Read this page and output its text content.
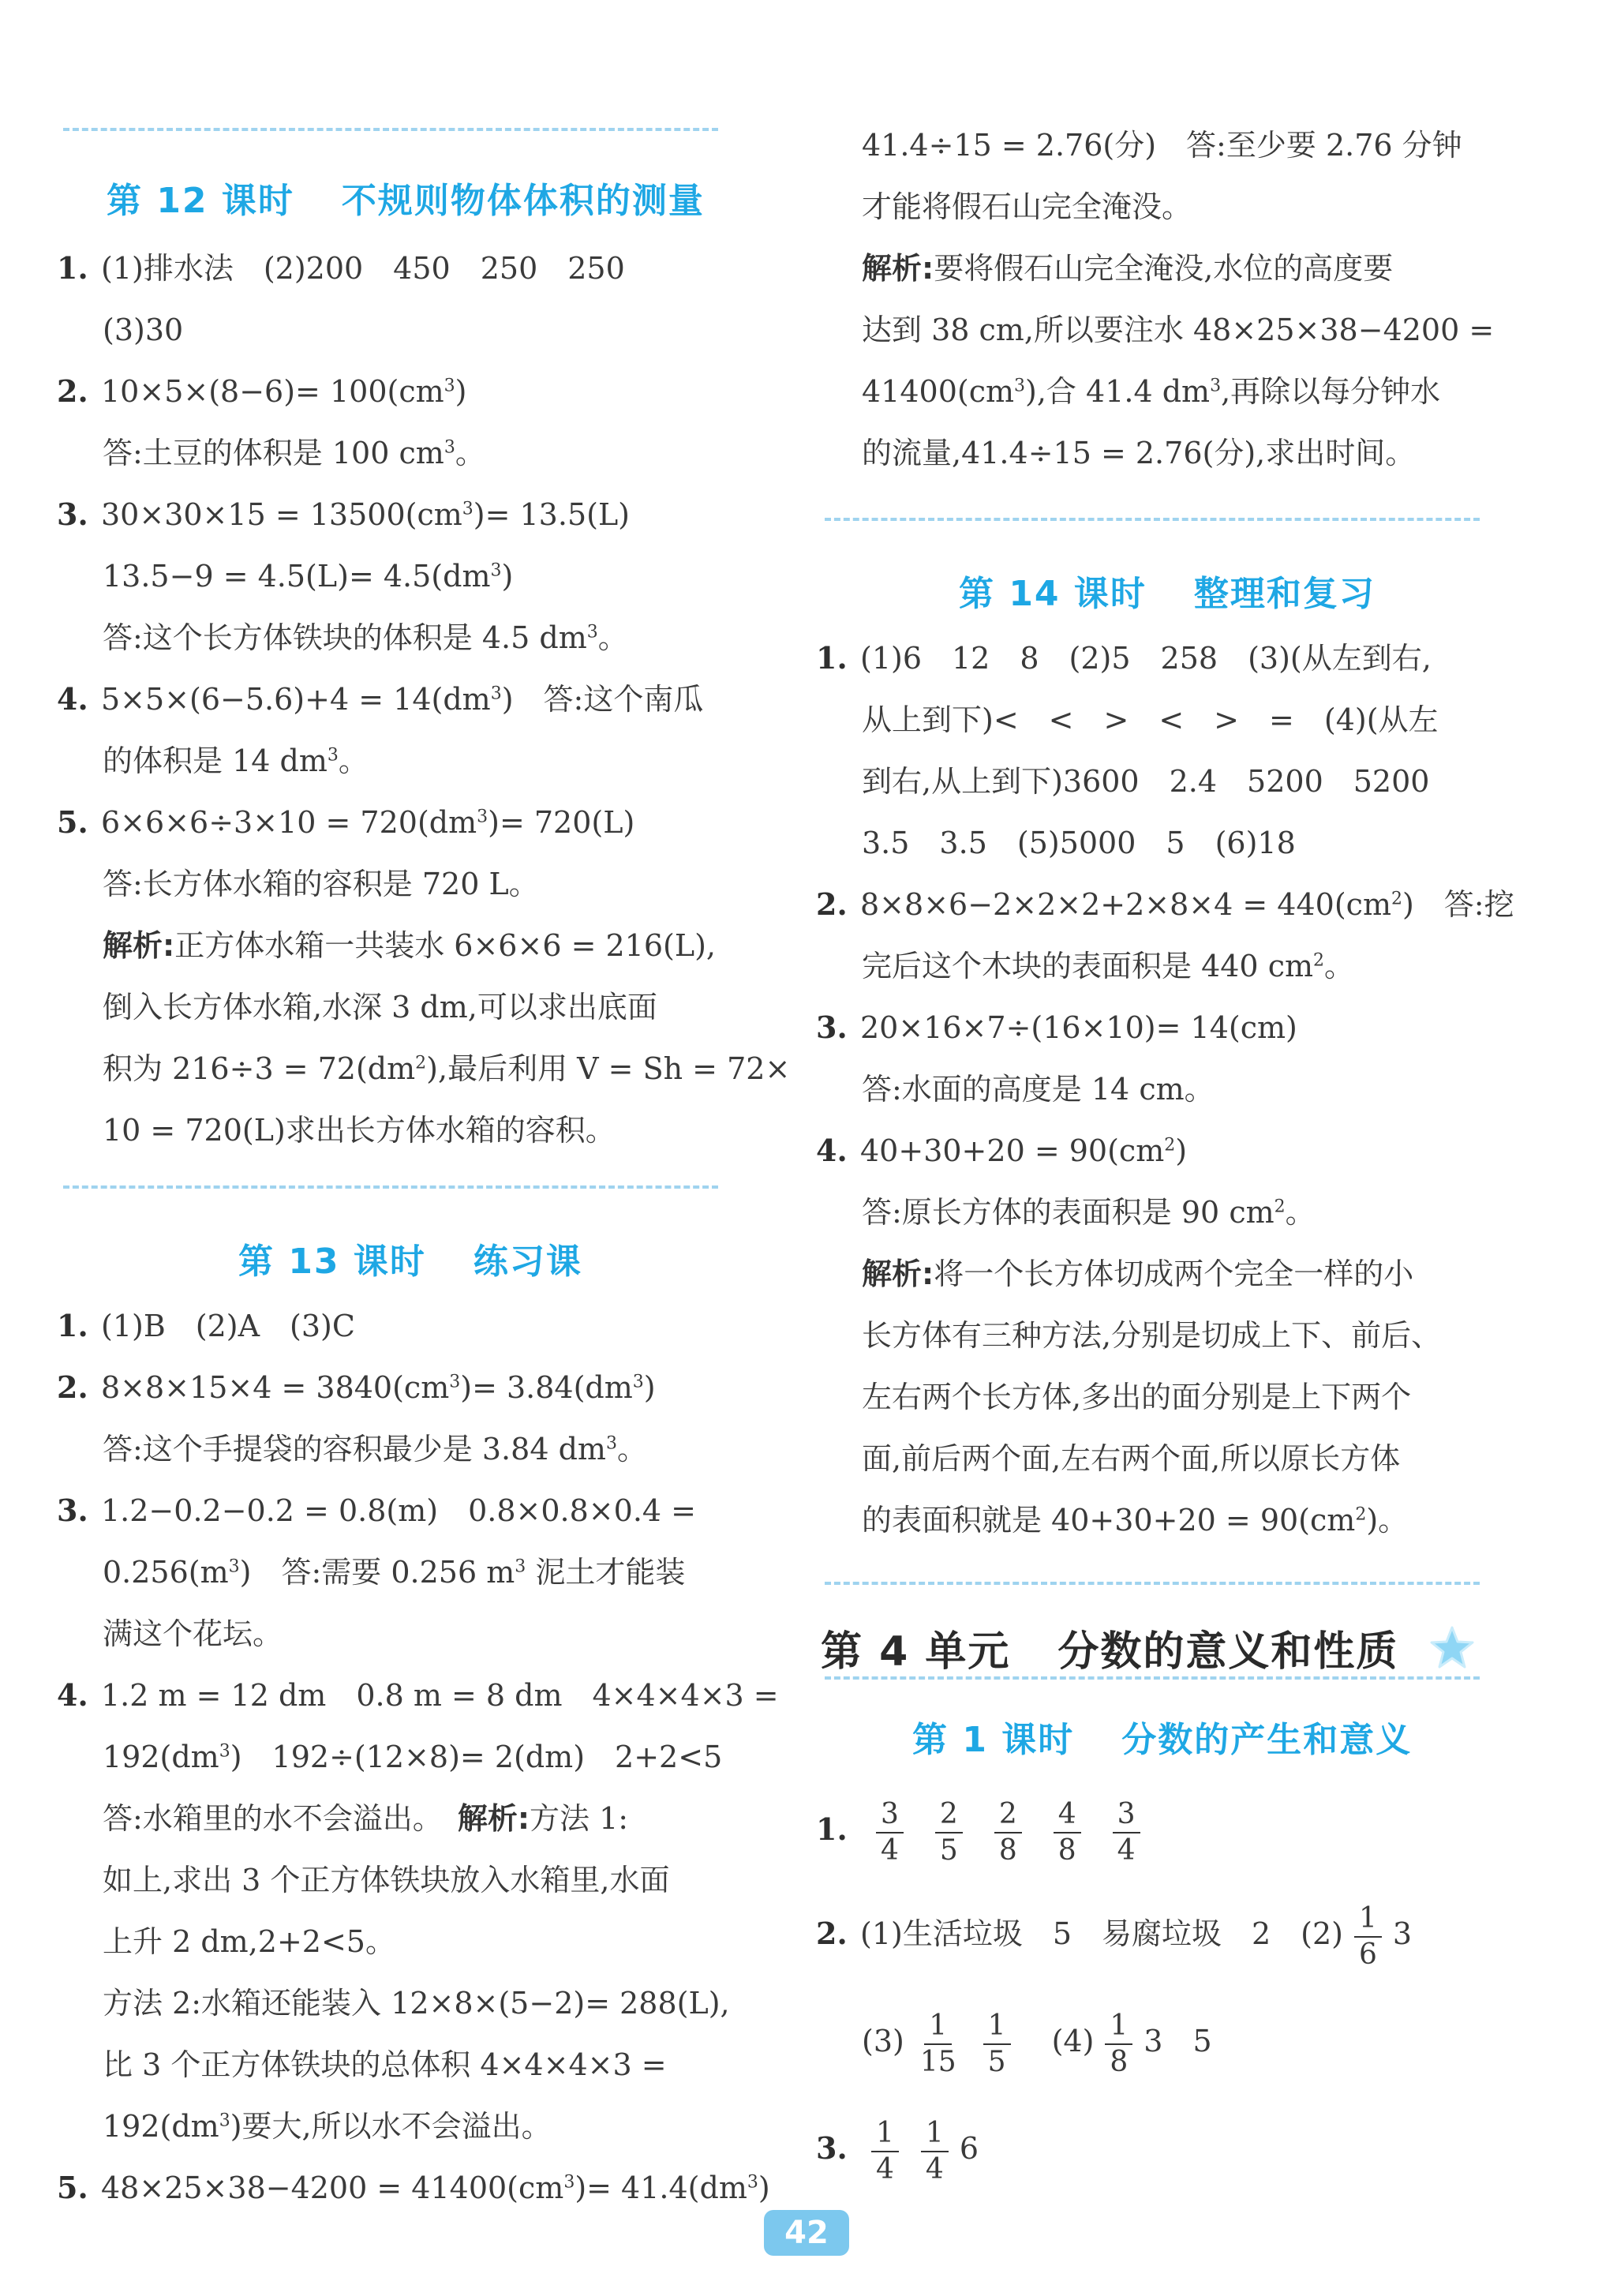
第 12 课时 不规则物体体积的测量
1. (1)排水法　(2)200　450　250　250
(3)30
2. $10\times 5\times(8-6)= 100(cm^3)$
答:土豆的体积是 100 $cm^3$。
3. $30\times 30\times 15 = 13500(cm^3)= 13.5(L)$
$13.5-9 = 4.5(L)= 4.5(dm^3)$
答:这个长方体铁块的体积是 4.5 $dm^3$。
4. $5\times 5\times(6-5.6)+4 = 14(dm^3)$　答:这个南瓜
的体积是 14 $dm^3$。
5. $6\times 6\times 6\div 3\times 10 = 720(dm^3)= 720(L)$
答:长方体水箱的容积是 720 L。
解析:正方体水箱一共装水 6×6×6 = 216(L),
倒入长方体水箱,水深 3 dm,可以求出底面
积为 $216\div 3 = 72(dm^2)$,最后利用 V = Sh = 72×
10 = 720(L)求出长方体水箱的容积。
第 13 课时 练习课
1. (1)B　(2)A　(3)C
2. $8\times 8\times 15\times 4 = 3840(cm^3)= 3.84(dm^3)$
答:这个手提袋的容积最少是 3.84 $dm^3$。
3. 1.2−0.2−0.2 = 0.8(m)　0.8×0.8×0.4 =
$0.256(m^3)$　答:需要 0.256 $m^3$ 泥土才能装
满这个花坛。
4. 1.2 m = 12 dm　0.8 m = 8 dm　4×4×4×3 =
$192(dm^3)$　192÷(12×8)= 2(dm)　2+2<5
答:水箱里的水不会溢出。　 解析:方法 1:
如上,求出 3 个正方体铁块放入水箱里,水面
上升 2 dm,2+2<5。
方法 2:水箱还能装入 12×8×(5−2)= 288(L),
比 3 个正方体铁块的总体积 4×4×4×3 =
$192(dm^3)$要大,所以水不会溢出。
5. $48\times 25\times 38-4200 = 41400(cm^3)= 41.4(dm^3)$
41.4÷15 = 2.76(分)　答:至少要 2.76 分钟
才能将假石山完全淹没。
解析:要将假石山完全淹没,水位的高度要
达到 38 cm,所以要注水 48×25×38−4200 =
$41400(cm^3)$,合 41.4 $dm^3$,再除以每分钟水
的流量,41.4÷15 = 2.76(分),求出时间。
第 14 课时 整理和复习
1. (1)6　12　8　(2)5　258　(3)(从左到右,
从上到下)<　<　>　<　>　=　(4)(从左
到右,从上到下)3600　2.4　5200　5200
3.5　3.5　(5)5000　5　(6)18
2. $8\times 8\times 6-2\times 2\times 2+2\times 8\times 4 = 440(cm^2)$　答:挖
完后这个木块的表面积是 440 $cm^2$。
3. 20×16×7÷(16×10)= 14(cm)
答:水面的高度是 14 cm。
4. $40+30+20 = 90(cm^2)$
答:原长方体的表面积是 90 $cm^2$。
解析:将一个长方体切成两个完全一样的小
长方体有三种方法,分别是切成上下、前后、
左右两个长方体,多出的面分别是上下两个
面,前后两个面,左右两个面,所以原长方体
的表面积就是 $40+30+20 = 90(cm^2)$。
第 4 单元 分数的意义和性质
第 1 课时 分数的产生和意义
1. $\frac{3}{4} \frac{2}{5} \frac{2}{8} \frac{4}{8} \frac{3}{4}$
2. (1)生活垃圾　5　易腐垃圾　2　$(2) \frac{1}{6} 3$
$(3) \frac{1}{15} \frac{1}{5}$
　 $(4) \frac{1}{8} 3$　5
3. $\frac{1}{4} \frac{1}{4} 6$
42
